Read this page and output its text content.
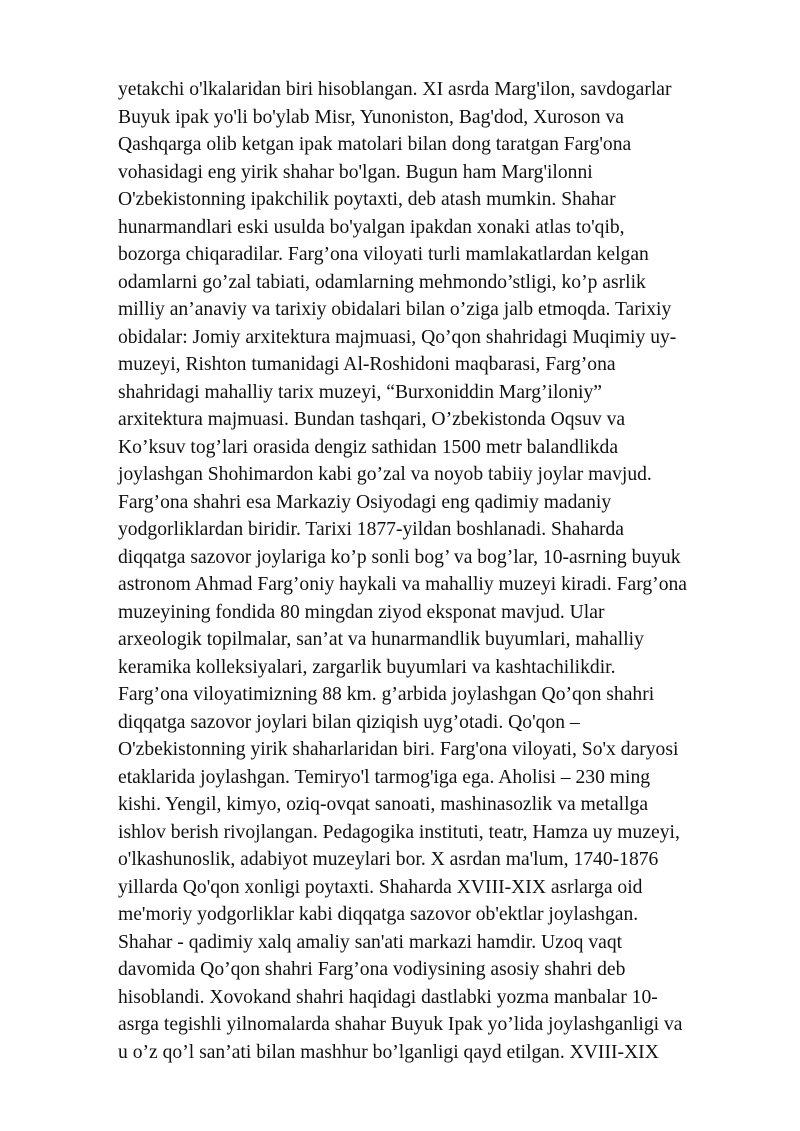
yetakchi o'lkalaridan biri hisoblangan. XI asrda Marg'ilon, savdogarlar
Buyuk ipak yo'li bo'ylab Misr, Yunoniston, Bag'dod, Xuroson va
Qashqarga olib ketgan ipak matolari bilan dong taratgan Farg'ona
vohasidagi eng yirik shahar bo'lgan. Bugun ham Marg'ilonni
O'zbekistonning ipakchilik poytaxti, deb atash mumkin. Shahar
hunarmandlari eski usulda bo'yalgan ipakdan xonaki atlas to'qib,
bozorga chiqaradilar. Farg’ona viloyati turli mamlakatlardan kelgan
odamlarni go’zal tabiati, odamlarning mehmondo’stligi, ko’p asrlik
milliy an’anaviy va tarixiy obidalari bilan o’ziga jalb etmoqda. Tarixiy
obidalar: Jomiy arxitektura majmuasi, Qo’qon shahridagi Muqimiy uy-
muzeyi, Rishton tumanidagi Al-Roshidoni maqbarasi, Farg’ona
shahridagi mahalliy tarix muzeyi, “Burxoniddin Marg’iloniy”
arxitektura majmuasi. Bundan tashqari, O’zbekistonda Oqsuv va
Ko’ksuv tog’lari orasida dengiz sathidan 1500 metr balandlikda
joylashgan Shohimardon kabi go’zal va noyob tabiiy joylar mavjud.
Farg’ona shahri esa Markaziy Osiyodagi eng qadimiy madaniy
yodgorliklardan biridir. Tarixi 1877-yildan boshlanadi. Shaharda
diqqatga sazovor joylariga ko’p sonli bog’ va bog’lar, 10-asrning buyuk
astronom Ahmad Farg’oniy haykali va mahalliy muzeyi kiradi. Farg’ona
muzeyining fondida 80 mingdan ziyod eksponat mavjud. Ular
arxeologik topilmalar, san’at va hunarmandlik buyumlari, mahalliy
keramika kolleksiyalari, zargarlik buyumlari va kashtachilikdir.
Farg’ona viloyatimizning 88 km. g’arbida joylashgan Qo’qon shahri
diqqatga sazovor joylari bilan qiziqish uyg’otadi. Qo'qon –
O'zbekistonning yirik shaharlaridan biri. Farg'ona viloyati, So'x daryosi
etaklarida joylashgan. Temiryo'l tarmog'iga ega. Aholisi – 230 ming
kishi. Yengil, kimyo, oziq-ovqat sanoati, mashinasozlik va metallga
ishlov berish rivojlangan. Pedagogika instituti, teatr, Hamza uy muzeyi,
o'lkashunoslik, adabiyot muzeylari bor. X asrdan ma'lum, 1740-1876
yillarda Qo'qon xonligi poytaxti. Shaharda XVIII-XIX asrlarga oid
me'moriy yodgorliklar kabi diqqatga sazovor ob'ektlar joylashgan.
Shahar - qadimiy xalq amaliy san'ati markazi hamdir. Uzoq vaqt
davomida Qo’qon shahri Farg’ona vodiysining asosiy shahri deb
hisoblandi. Xovokand shahri haqidagi dastlabki yozma manbalar 10-
asrga tegishli yilnomalarda shahar Buyuk Ipak yo’lida joylashganligi va
u o’z qo’l san’ati bilan mashhur bo’lganligi qayd etilgan. XVIII-XIX
